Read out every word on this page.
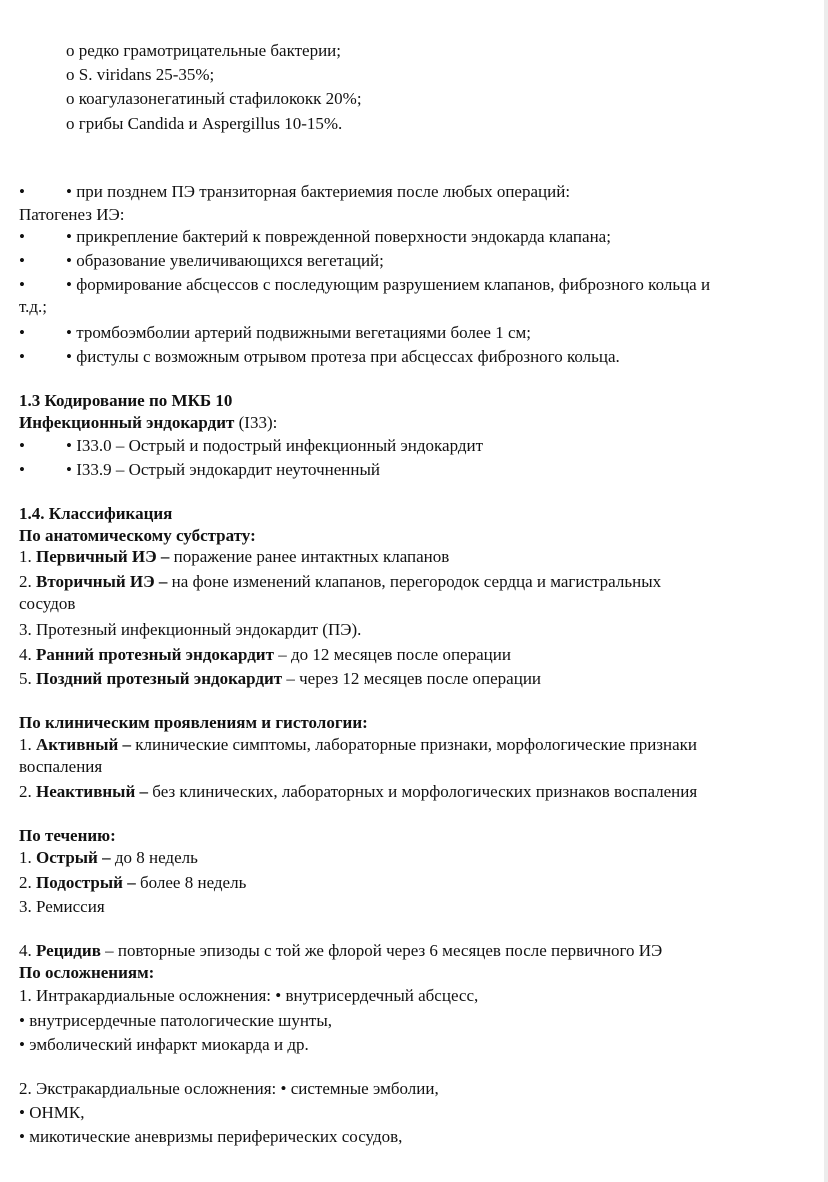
o редко грамотрицательные бактерии;
o S. viridans 25-35%;
o коагулазонегатиный стафилококк 20%;
o грибы Candida и Aspergillus 10-15%.
• • при позднем ПЭ транзиторная бактериемия после любых операций:
Патогенез ИЭ:
• • прикрепление бактерий к поврежденной поверхности эндокарда клапана;
• • образование увеличивающихся вегетаций;
• • формирование абсцессов с последующим разрушением клапанов, фиброзного кольца и
т.д.;
• • тромбоэмболии артерий подвижными вегетациями более 1 см;
• • фистулы с возможным отрывом протеза при абсцессах фиброзного кольца.
1.3 Кодирование по МКБ 10
Инфекционный эндокардит (I33):
• • I33.0 – Острый и подострый инфекционный эндокардит
• • I33.9 – Острый эндокардит неуточненный
1.4. Классификация
По анатомическому субстрату:
1. Первичный ИЭ – поражение ранее интактных клапанов
2. Вторичный ИЭ – на фоне изменений клапанов, перегородок сердца и магистральных
сосудов
3. Протезный инфекционный эндокардит (ПЭ).
4. Ранний протезный эндокардит – до 12 месяцев после операции
5. Поздний протезный эндокардит – через 12 месяцев после операции
По клиническим проявлениям и гистологии:
1. Активный – клинические симптомы, лабораторные признаки, морфологические признаки
воспаления
2. Неактивный – без клинических, лабораторных и морфологических признаков воспаления
По течению:
1. Острый – до 8 недель
2. Подострый – более 8 недель
3. Ремиссия
4. Рецидив – повторные эпизоды с той же флорой через 6 месяцев после первичного ИЭ
По осложнениям:
1. Интракардиальные осложнения: • внутрисердечный абсцесс,
• внутрисердечные патологические шунты,
• эмболический инфаркт миокарда и др.
2. Экстракардиальные осложнения: • системные эмболии,
• ОНМК,
• микотические аневризмы периферических сосудов,
